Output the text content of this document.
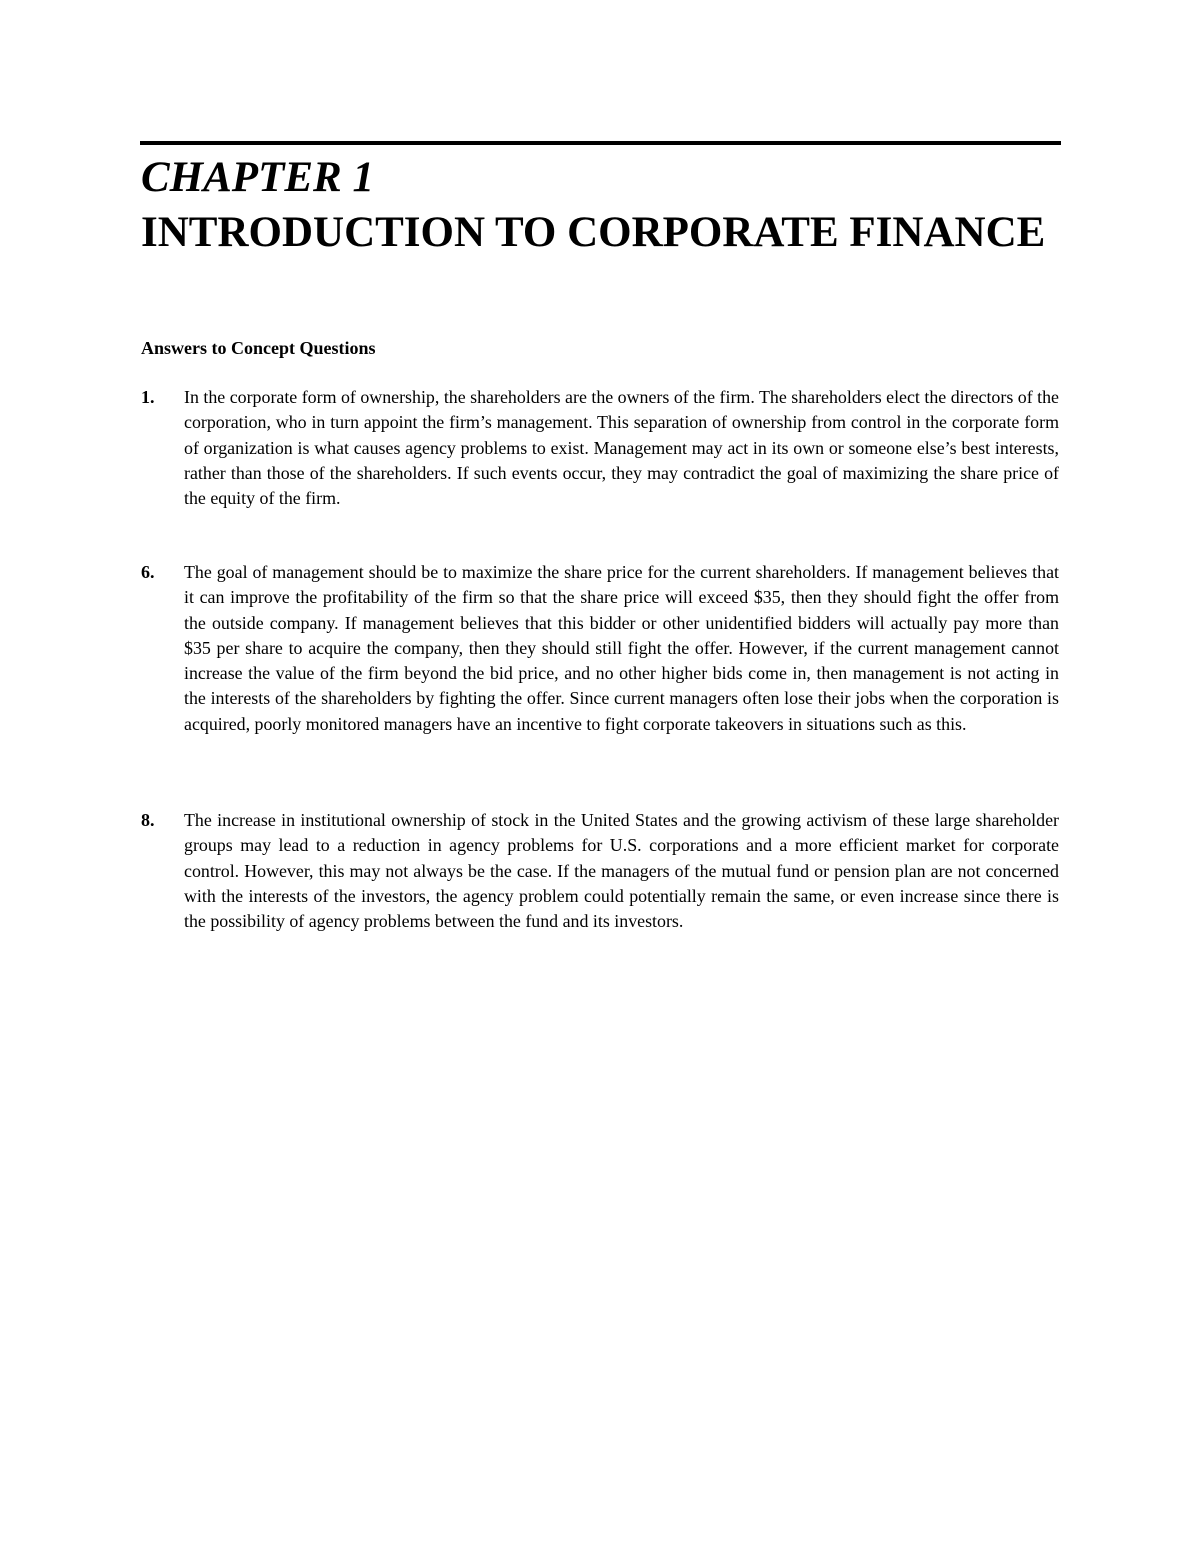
CHAPTER 1
INTRODUCTION TO CORPORATE FINANCE
Answers to Concept Questions
1. In the corporate form of ownership, the shareholders are the owners of the firm. The shareholders elect the directors of the corporation, who in turn appoint the firm’s management. This separation of ownership from control in the corporate form of organization is what causes agency problems to exist. Management may act in its own or someone else’s best interests, rather than those of the shareholders. If such events occur, they may contradict the goal of maximizing the share price of the equity of the firm.

6. The goal of management should be to maximize the share price for the current shareholders. If management believes that it can improve the profitability of the firm so that the share price will exceed $35, then they should fight the offer from the outside company. If management believes that this bidder or other unidentified bidders will actually pay more than $35 per share to acquire the company, then they should still fight the offer. However, if the current management cannot increase the value of the firm beyond the bid price, and no other higher bids come in, then management is not acting in the interests of the shareholders by fighting the offer. Since current managers often lose their jobs when the corporation is acquired, poorly monitored managers have an incentive to fight corporate takeovers in situations such as this.

8. The increase in institutional ownership of stock in the United States and the growing activism of these large shareholder groups may lead to a reduction in agency problems for U.S. corporations and a more efficient market for corporate control. However, this may not always be the case. If the managers of the mutual fund or pension plan are not concerned with the interests of the investors, the agency problem could potentially remain the same, or even increase since there is the possibility of agency problems between the fund and its investors.
